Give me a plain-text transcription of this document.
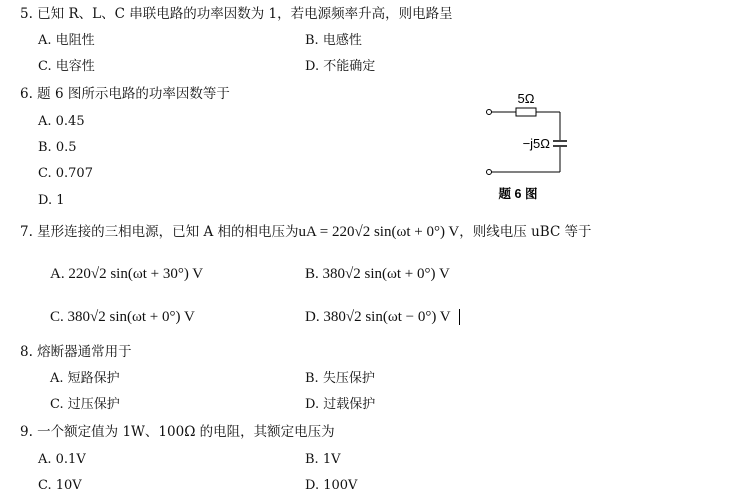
5. 已知 R、L、C 串联电路的功率因数为 1，若电源频率升高，则电路呈
A. 电阻性	B. 电感性
C. 电容性	D. 不能确定
6. 题 6 图所示电路的功率因数等于
A. 0.45
B. 0.5
C. 0.707
D. 1
5Ω
−j5Ω
题 6 图
7. 星形连接的三相电源，已知 A 相的相电压为uA = 220√2 sin(ωt + 0°) V，则线电压 uBC 等于
A. 220√2 sin(ωt + 30°) V	B. 380√2 sin(ωt + 0°) V
C. 380√2 sin(ωt + 0°) V	D. 380√2 sin(ωt − 0°) V
8. 熔断器通常用于
A. 短路保护	B. 失压保护
C. 过压保护	D. 过载保护
9. 一个额定值为 1W、100Ω 的电阻，其额定电压为
A. 0.1V	B. 1V
C. 10V	D. 100V
